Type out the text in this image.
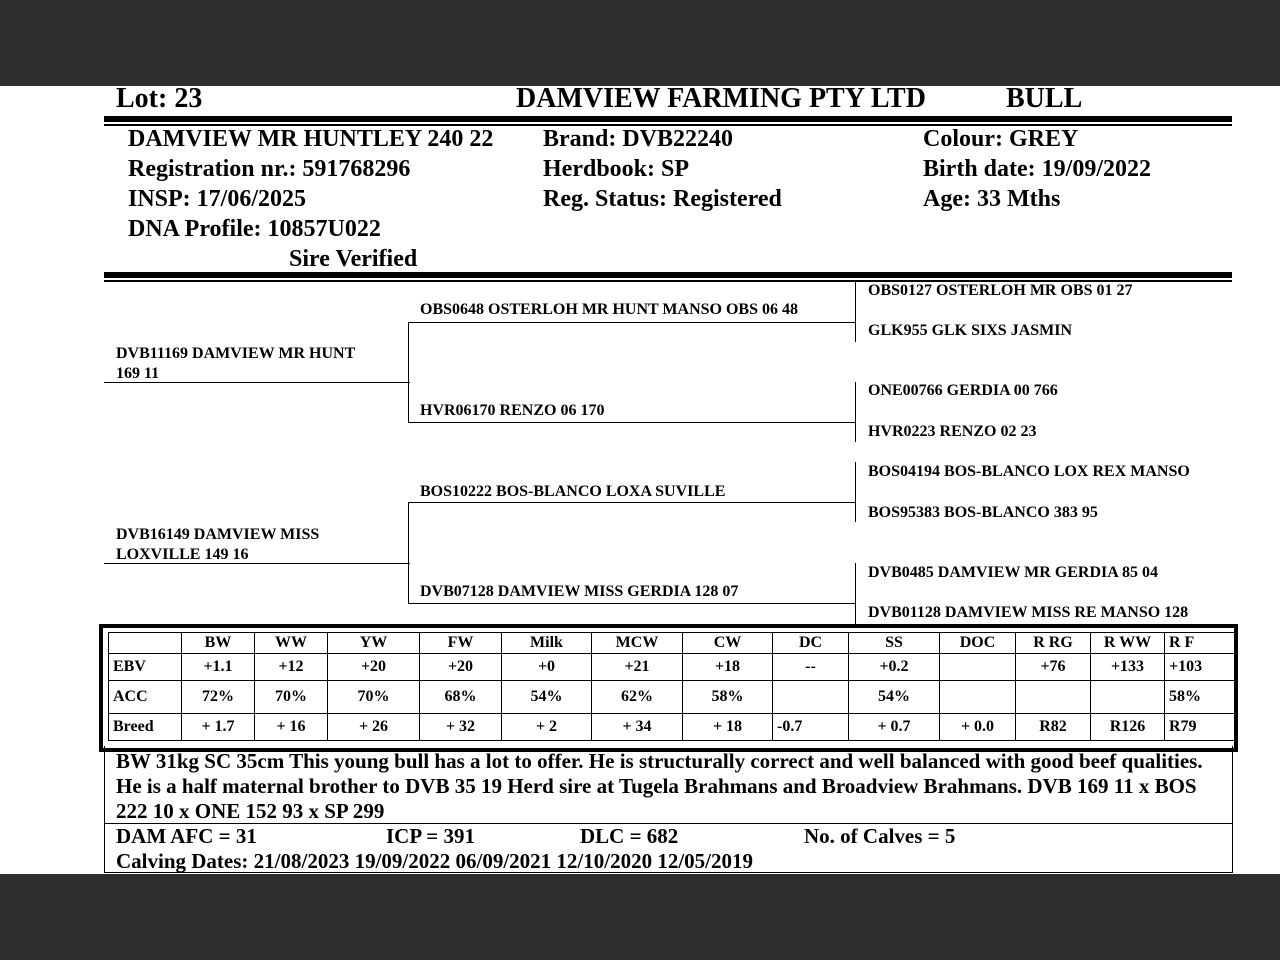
Lot: 23	DAMVIEW FARMING PTY LTD	BULL
DAMVIEW MR HUNTLEY 240 22
Registration nr.: 591768296
INSP: 17/06/2025
DNA Profile: 10857U022
Sire Verified
Brand: DVB22240
Herdbook: SP
Reg. Status: Registered
Colour: GREY
Birth date: 19/09/2022
Age: 33 Mths
DVB11169 DAMVIEW MR HUNT
169 11
DVB16149 DAMVIEW MISS
LOXVILLE 149 16
OBS0648 OSTERLOH MR HUNT MANSO OBS 06 48
HVR06170 RENZO 06 170
BOS10222 BOS-BLANCO LOXA SUVILLE
DVB07128 DAMVIEW MISS GERDIA 128 07
OBS0127 OSTERLOH MR OBS 01 27
GLK955 GLK SIXS JASMIN
ONE00766 GERDIA 00 766
HVR0223 RENZO 02 23
BOS04194 BOS-BLANCO LOX REX MANSO
BOS95383 BOS-BLANCO 383 95
DVB0485 DAMVIEW MR GERDIA 85 04
DVB01128 DAMVIEW MISS RE MANSO 128
	BW	WW	YW	FW	Milk	MCW	CW	DC	SS	DOC	R RG	R WW	R F
EBV	+1.1	+12	+20	+20	+0	+21	+18	--	+0.2		+76	+133	+103
ACC	72%	70%	70%	68%	54%	62%	58%		54%				58%
Breed	+ 1.7	+ 16	+ 26	+ 32	+ 2	+ 34	+ 18	-0.7	+ 0.7	+ 0.0	R82	R126	R79
BW 31kg SC 35cm This young bull has a lot to offer. He is structurally correct and well balanced with good beef qualities. He is a half maternal brother to DVB 35 19 Herd sire at Tugela Brahmans and Broadview Brahmans. DVB 169 11 x BOS 222 10 x ONE 152 93 x SP 299
DAM AFC = 31	ICP = 391	DLC = 682	No. of Calves = 5
Calving Dates: 21/08/2023 19/09/2022 06/09/2021 12/10/2020 12/05/2019
